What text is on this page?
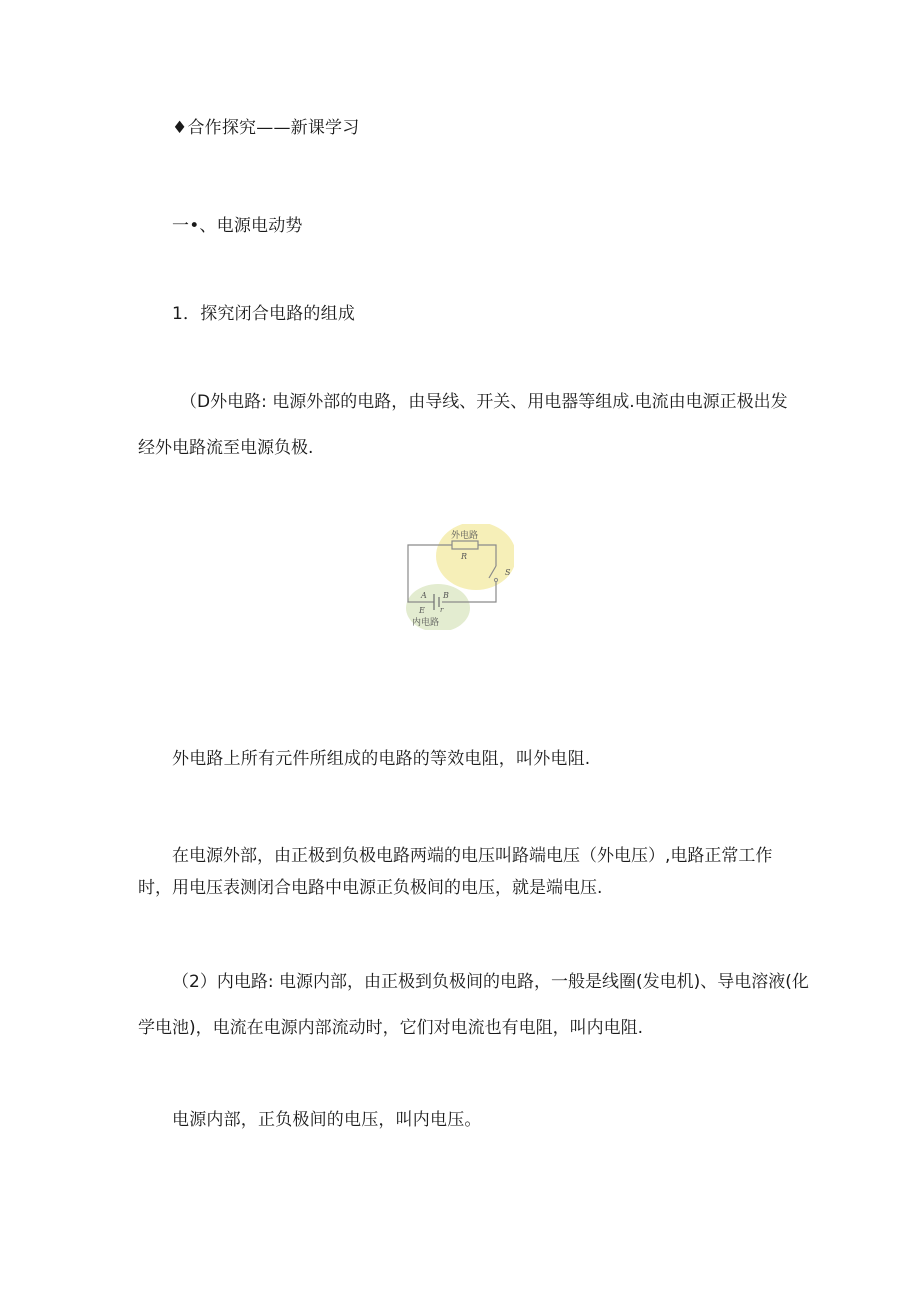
♦合作探究——新课学习
一•、电源电动势
1．探究闭合电路的组成
（D外电路: 电源外部的电路，由导线、开关、用电器等组成.电流由电源正极出发
经外电路流至电源负极.
外电路
R
S
A B
E r
内电路
外电路上所有元件所组成的电路的等效电阻，叫外电阻.
在电源外部，由正极到负极电路两端的电压叫路端电压（外电压）,电路正常工作
时，用电压表测闭合电路中电源正负极间的电压，就是端电压.
（2）内电路: 电源内部，由正极到负极间的电路，一般是线圈(发电机)、导电溶液(化
学电池)，电流在电源内部流动时，它们对电流也有电阻，叫内电阻.
电源内部，正负极间的电压，叫内电压。
